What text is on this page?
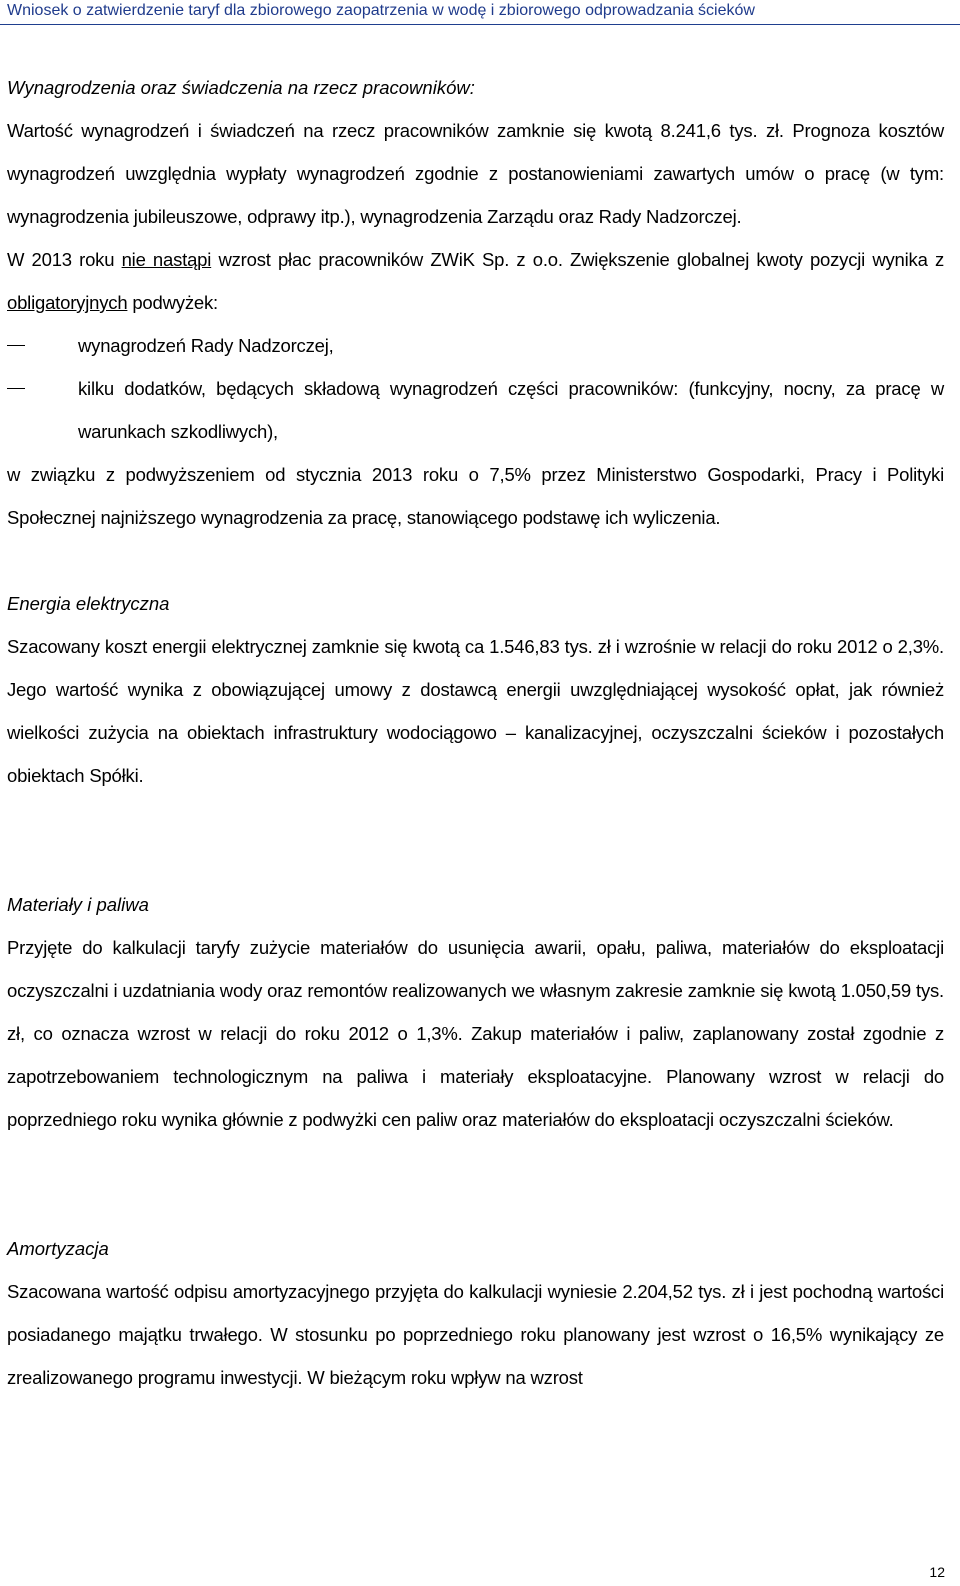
Wniosek o zatwierdzenie taryf dla zbiorowego zaopatrzenia w wodę i zbiorowego odprowadzania ścieków
Wynagrodzenia oraz świadczenia na rzecz pracowników:

Wartość wynagrodzeń i świadczeń na rzecz pracowników zamknie się kwotą 8.241,6 tys. zł. Prognoza kosztów wynagrodzeń uwzględnia wypłaty wynagrodzeń zgodnie z postanowieniami zawartych umów o pracę (w tym: wynagrodzenia jubileuszowe, odprawy itp.), wynagrodzenia Zarządu oraz Rady Nadzorczej.

W 2013 roku nie nastąpi wzrost płac pracowników ZWiK Sp. z o.o. Zwiększenie globalnej kwoty pozycji wynika z obligatoryjnych podwyżek:

wynagrodzeń Rady Nadzorczej,
kilku dodatków, będących składową wynagrodzeń części pracowników: (funkcyjny, nocny, za pracę w warunkach szkodliwych),

w związku z podwyższeniem od stycznia 2013 roku o 7,5% przez Ministerstwo Gospodarki, Pracy i Polityki Społecznej najniższego wynagrodzenia za pracę, stanowiącego podstawę ich wyliczenia.

Energia elektryczna

Szacowany koszt energii elektrycznej zamknie się kwotą ca 1.546,83 tys. zł i wzrośnie w relacji do roku 2012 o 2,3%. Jego wartość wynika z obowiązującej umowy z dostawcą energii uwzględniającej wysokość opłat, jak również wielkości zużycia na obiektach infrastruktury wodociągowo – kanalizacyjnej, oczyszczalni ścieków i pozostałych obiektach Spółki.

Materiały i paliwa

Przyjęte do kalkulacji taryfy zużycie materiałów do usunięcia awarii, opału, paliwa, materiałów do eksploatacji oczyszczalni i uzdatniania wody oraz remontów realizowanych we własnym zakresie zamknie się kwotą 1.050,59 tys. zł, co oznacza wzrost w relacji do roku 2012 o 1,3%. Zakup materiałów i paliw, zaplanowany został zgodnie z zapotrzebowaniem technologicznym na paliwa i materiały eksploatacyjne. Planowany wzrost w relacji do poprzedniego roku wynika głównie z podwyżki cen paliw oraz materiałów do eksploatacji oczyszczalni ścieków.

Amortyzacja

Szacowana wartość odpisu amortyzacyjnego przyjęta do kalkulacji wyniesie 2.204,52 tys. zł i jest pochodną wartości posiadanego majątku trwałego. W stosunku po poprzedniego roku planowany jest wzrost o 16,5% wynikający ze zrealizowanego programu inwestycji. W bieżącym roku wpływ na wzrost

12
